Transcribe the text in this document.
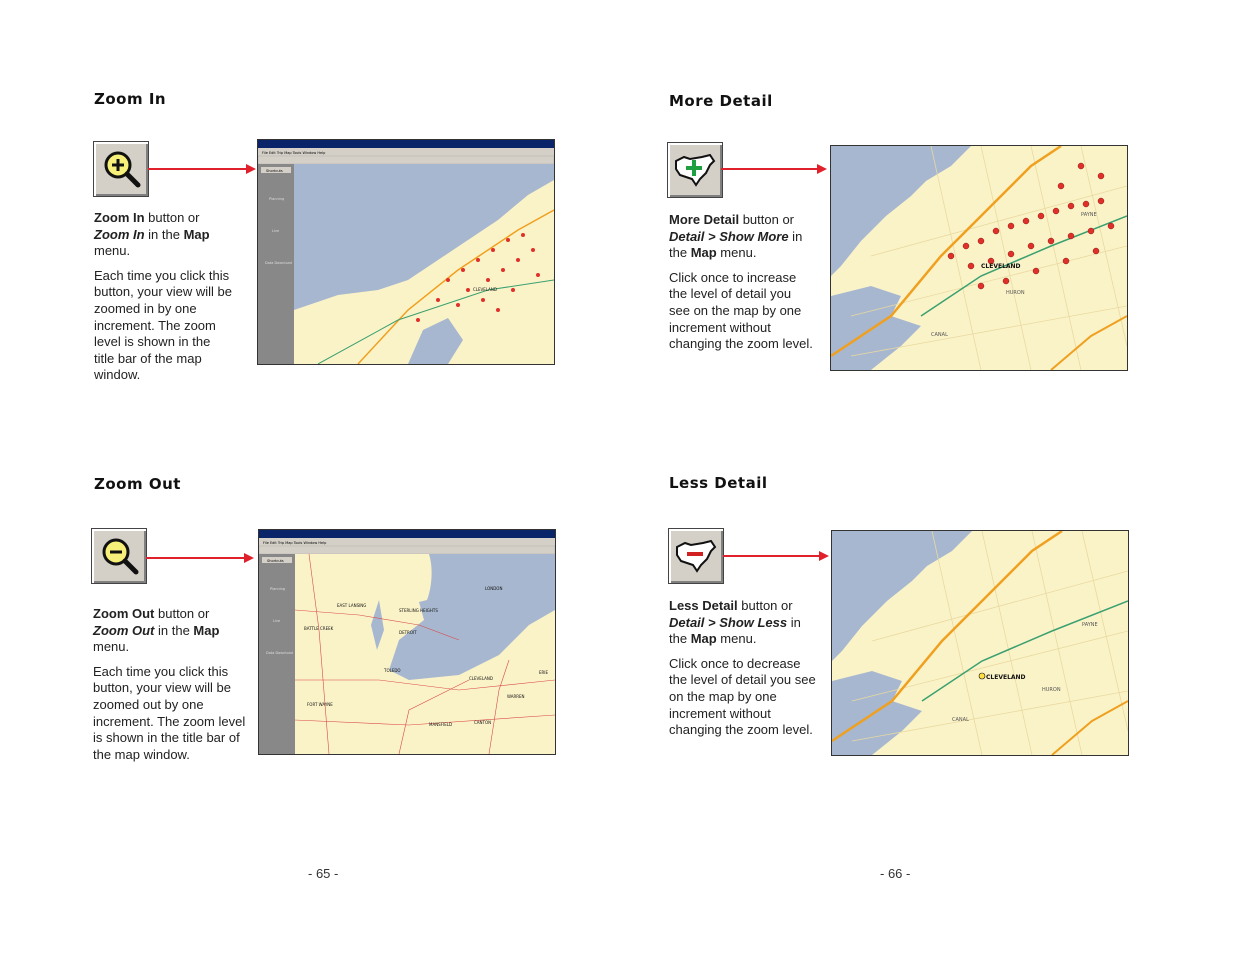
Zoom In

Zoom In button or Zoom In in the Map menu.

Each time you click this button, your view will be zoomed in by one increment. The zoom level is shown in the title bar of the map window.

File Edit Trip Map Tools Window Help
Shortcuts
Planning
Live
Data Download
CLEVELAND
Zoom Out

Zoom Out button or Zoom Out in the Map menu.

Each time you click this button, your view will be zoomed out by one increment. The zoom level is shown in the title bar of the map window.

File Edit Trip Map Tools Window Help
Shortcuts
Planning
Live
Data Download
EAST LANSING
STERLING HEIGHTS
BATTLE CREEK
DETROIT
LONDON
TOLEDO
CLEVELAND
FORT WAYNE
WARREN
CANTON
MANSFIELD
ERIE
More Detail

More Detail button or Detail > Show More in the Map menu.

Click once to increase the level of detail you see on the map by one increment without changing the zoom level.

CLEVELAND
HURON
CANAL
PAYNE
Less Detail

Less Detail button or Detail > Show Less in the Map menu.

Click once to decrease the level of detail you see on the map by one increment without changing the zoom level.

CLEVELAND
HURON
CANAL
PAYNE
- 65 -	- 66 -
